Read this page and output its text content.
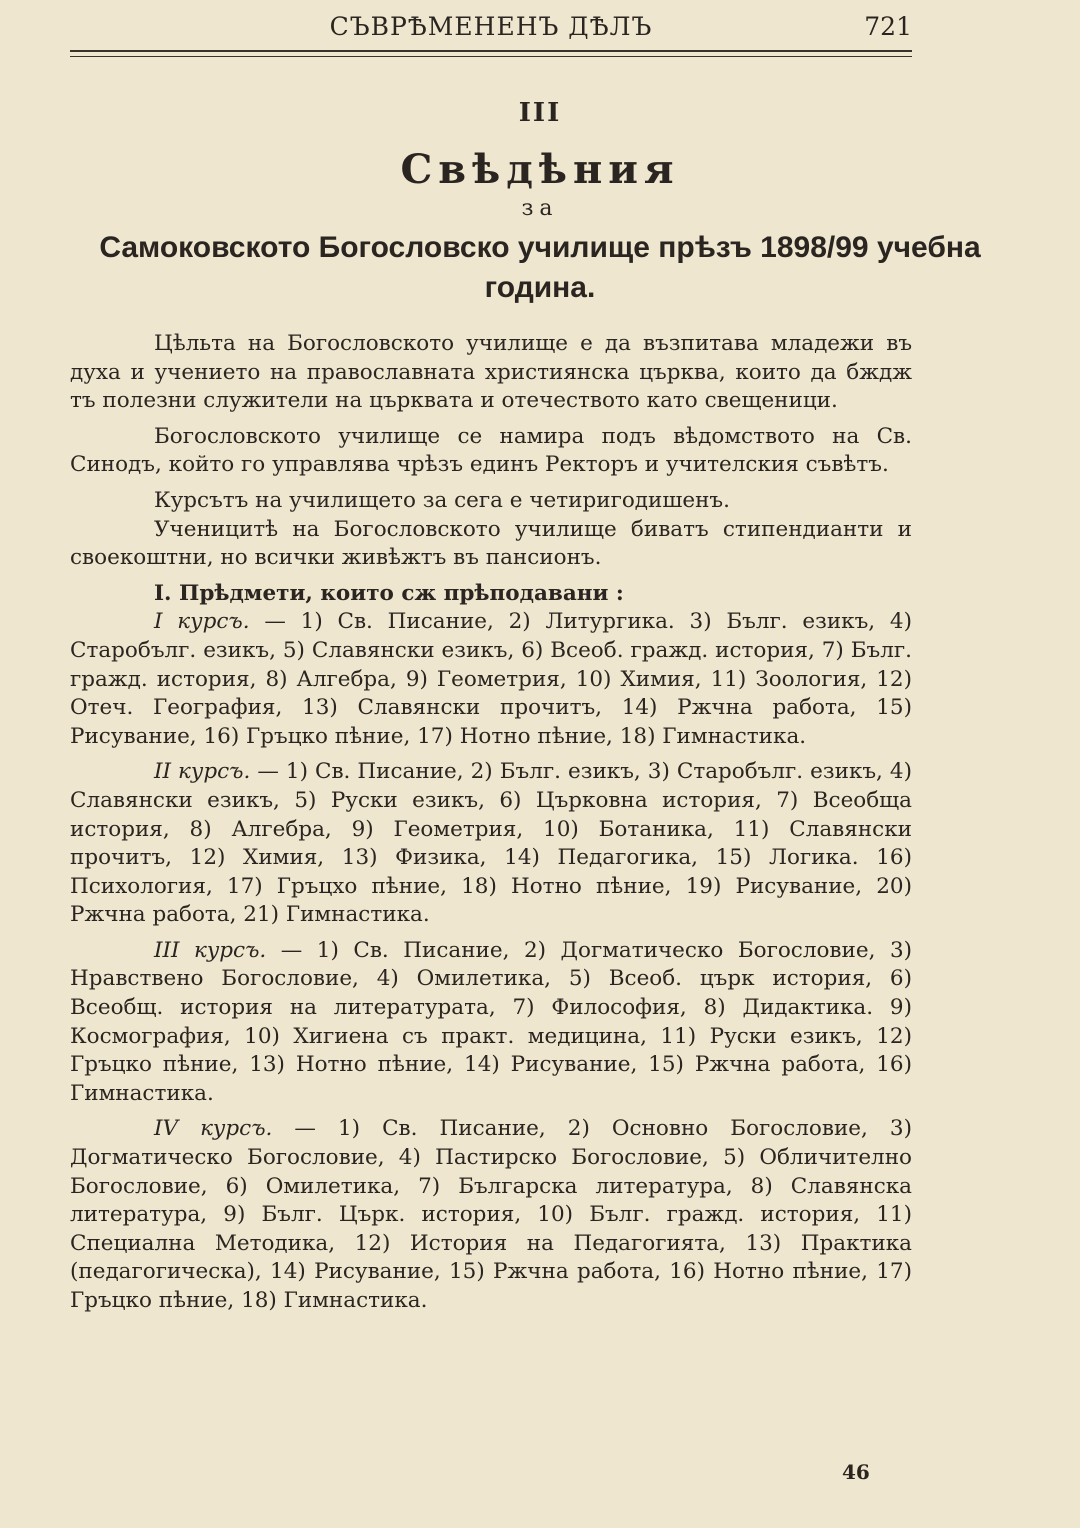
СЪВРѢМЕНЕНЪ ДѢЛЪ	721
III
Свѣдѣния
за
Самоковското Богословско училище прѣзъ 1898/99 учебна година.

Цѣльта на Богословското училище е да възпитава младежи въ духа и учението на православната християнска църква, които да бждж​тъ полезни служители на църквата и отечеството като свещеници.

Богословското училище се намира подъ вѣдомството на Св. Синодъ, който го управлява чрѣзъ единъ Ректоръ и учителския съвѣтъ.

Курсътъ на училището за сега е четиригодишенъ.

Ученицитѣ на Богословското училище биватъ стипендианти и своекоштни, но всички живѣжтъ въ пансионъ.

I. Прѣдмети, които сж прѣподавани :

I курсъ. — 1) Св. Писание, 2) Литургика. 3) Бълг. езикъ, 4) Старобълг. езикъ, 5) Славянски езикъ, 6) Всеоб. гражд. история, 7) Бълг. гражд. история, 8) Алгебра, 9) Геометрия, 10) Химия, 11) Зоология, 12) Отеч. География, 13) Славянски прочитъ, 14) Ржчна работа, 15) Рисувание, 16) Гръцко пѣние, 17) Нотно пѣние, 18) Гимнастика.

II курсъ. — 1) Св. Писание, 2) Бълг. езикъ, 3) Старобълг. езикъ, 4) Славянски езикъ, 5) Руски езикъ, 6) Църковна история, 7) Всеобща история, 8) Алгебра, 9) Геометрия, 10) Ботаника, 11) Славянски прочитъ, 12) Химия, 13) Физика, 14) Педагогика, 15) Логика. 16) Психология, 17) Гръцхо пѣние, 18) Нотно пѣние, 19) Рисувание, 20) Ржчна работа, 21) Гимнастика.

III курсъ. — 1) Св. Писание, 2) Догматическо Богословие, 3) Нравствено Богословие, 4) Омилетика, 5) Всеоб. църк история, 6) Всеобщ. история на литературата, 7) Философия, 8) Дидактика. 9) Космография, 10) Хигиена съ практ. медицина, 11) Руски езикъ, 12) Гръцко пѣние, 13) Нотно пѣние, 14) Рисувание, 15) Ржчна работа, 16) Гимнастика.

IV курсъ. — 1) Св. Писание, 2) Основно Богословие, 3) Догматическо Богословие, 4) Пастирско Богословие, 5) Обличително Богословие, 6) Омилетика, 7) Българска литература, 8) Славянска литература, 9) Бълг. Църк. история, 10) Бълг. гражд. история, 11) Специална Методика, 12) История на Педагогията, 13) Практика (педагогическа), 14) Рисувание, 15) Ржчна работа, 16) Нотно пѣние, 17) Гръцко пѣние, 18) Гимнастика.

46
